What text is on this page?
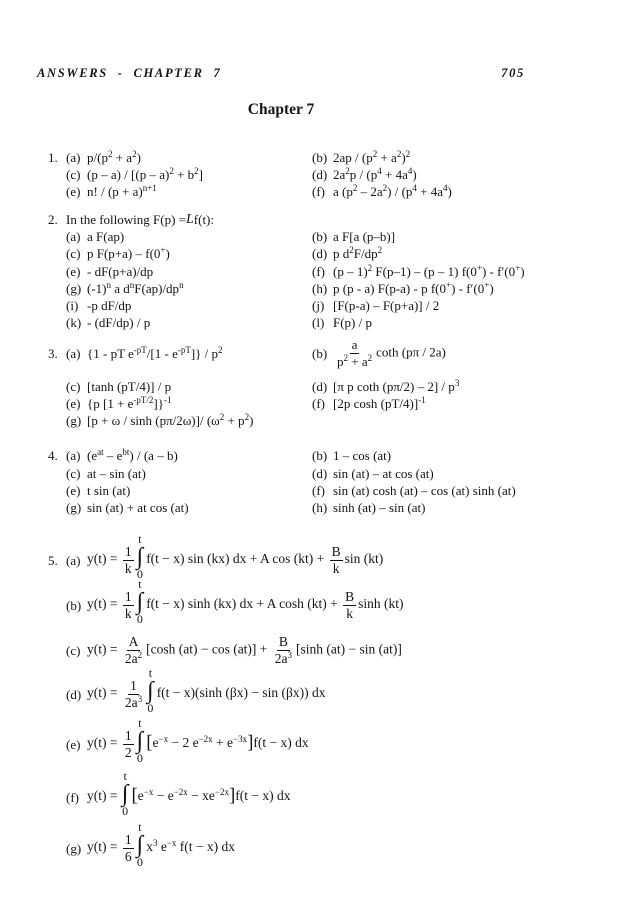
ANSWERS - CHAPTER 7	705
Chapter 7
1. (a) $p/(p^2 + a^2)$	(b) $2ap / (p^2 + a^2)^2$
(c) $(p - a) / [(p - a)^2 + b^2]$	(d) $2a^2p / (p^4 + 4a^4)$
(e) n! / $(p + a)^{n+1}$	(f) a $(p^2 - 2a^2) / (p^4 + 4a^4)$
2. In the following F(p) = L f(t):
(a) a F(ap)	(b) a F[a (p–b)]
(c) p F(p+a) – f(0+)	(d) p $d^2F/dp^2$
(e) - dF(p+a)/dp	(f) (p – 1)$^2$ F(p–1) – (p – 1) f(0+) - f′(0+)
(g) $(-1)^n$ a $d^nF(ap)/dp^n$	(h) p (p - a) F(p-a) - p f(0+) - f′(0+)
(i) -p dF/dp	(j) [F(p-a) – F(p+a)] / 2
(k) - (dF/dp) / p	(l) F(p) / p
3. (a) {1 - pT $e^{-pT}/[1 - e^{-pT}]\} / p^2$	$(b) \frac{a}{p^2 + a^2}$ coth (pπ / 2a)
(c) [tanh (pT/4)] / p	(d) [π p coth $(p\pi/2) - 2] / p^3$
(e) {p $[1 + e^{-pT/2}]\}^{-1}$	(f) [2p cosh (pT/4)]$^{-1}$
(g) [p + ω / sinh (pπ/2ω)]/ $(\omega^2 + p^2)$
4. (a) $(e^{at} - e^{bt}) / (a - b)$	(b) 1 – cos (at)
(c) at – sin (at)	(d) sin (at) – at cos (at)
(e) t sin (at)	(f) sin (at) cosh (at) – cos (at) sinh (at)
(g) sin (at) + at cos (at)	(h) sinh (at) – sin (at)
5. (a) $y(t) = \frac{1}{k}$
t
∫
0
f(t − x) sin (kx) dx + A $\cos (kt) + \frac{B}{k}$ sin (kt)
(b) $y(t) = \frac{1}{k}$
t
∫
0
f(t − x) sinh (kx) dx + A $\cosh (kt) + \frac{B}{k}$ sinh (kt)
(c) $y(t) = \frac{A}{2a^2} [\cosh$ $(at) - \cos (at)] + \frac{B}{2a^3} [\sinh$ (at) − sin (at)]
(d) $y(t) = \frac{1}{2a^3}$
t
∫
0
f(t − x)(sinh (βx) − sin (βx)) dx
(e) $y(t) = \frac{1}{2}$
t
∫
0
[$e^{-x} - 2$ $e^{-2x} + e^{-3x}]f(t - x)$ dx
(f) y(t) =
t
∫
0
$[e^{-x} - e^{-2x} - xe^{-2x}]f(t - x)$ dx
(g) $y(t) = \frac{1}{6}$
t
∫
0
$x^3$ $e^{-x}$ f(t − x) dx
